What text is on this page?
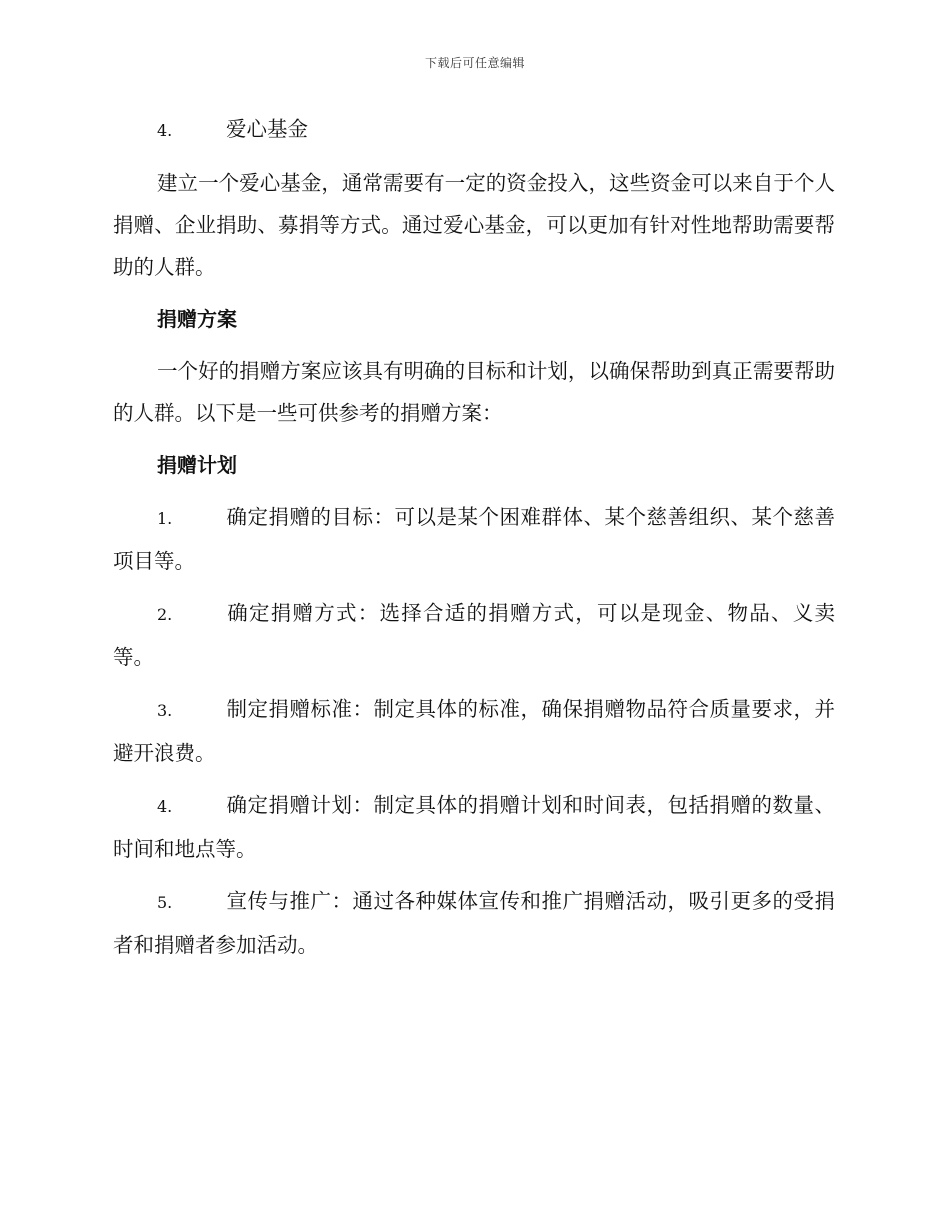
下载后可任意编辑

4.	爱心基金

建立一个爱心基金，通常需要有一定的资金投入，这些资金可以来自于个人捐赠、企业捐助、募捐等方式。通过爱心基金，可以更加有针对性地帮助需要帮助的人群。

捐赠方案

一个好的捐赠方案应该具有明确的目标和计划，以确保帮助到真正需要帮助的人群。以下是一些可供参考的捐赠方案：

捐赠计划

1.	确定捐赠的目标：可以是某个困难群体、某个慈善组织、某个慈善项目等。

2.	确定捐赠方式：选择合适的捐赠方式，可以是现金、物品、义卖等。

3.	制定捐赠标准：制定具体的标准，确保捐赠物品符合质量要求，并避开浪费。

4.	确定捐赠计划：制定具体的捐赠计划和时间表，包括捐赠的数量、时间和地点等。

5.	宣传与推广：通过各种媒体宣传和推广捐赠活动，吸引更多的受捐者和捐赠者参加活动。
